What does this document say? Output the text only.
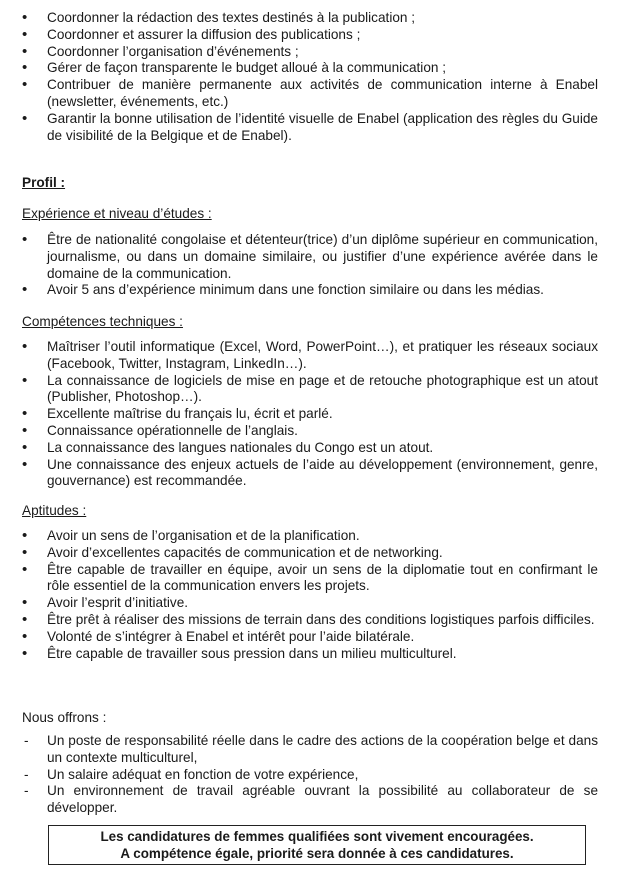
• Coordonner la rédaction des textes destinés à la publication ;
• Coordonner et assurer la diffusion des publications ;
• Coordonner l’organisation d’événements ;
• Gérer de façon transparente le budget alloué à la communication ;
• Contribuer de manière permanente aux activités de communication interne à Enabel (newsletter, événements, etc.)
• Garantir la bonne utilisation de l’identité visuelle de Enabel (application des règles du Guide de visibilité de la Belgique et de Enabel).
Profil :
Expérience et niveau d’études :
• Être de nationalité congolaise et détenteur(trice) d’un diplôme supérieur en communication, journalisme, ou dans un domaine similaire, ou justifier d’une expérience avérée dans le domaine de la communication.
• Avoir 5 ans d’expérience minimum dans une fonction similaire ou dans les médias.
Compétences techniques :
• Maîtriser l’outil informatique (Excel, Word, PowerPoint…), et pratiquer les réseaux sociaux (Facebook, Twitter, Instagram, LinkedIn…).
• La connaissance de logiciels de mise en page et de retouche photographique est un atout (Publisher, Photoshop…).
• Excellente maîtrise du français lu, écrit et parlé.
• Connaissance opérationnelle de l’anglais.
• La connaissance des langues nationales du Congo est un atout.
• Une connaissance des enjeux actuels de l’aide au développement (environnement, genre, gouvernance) est recommandée.
Aptitudes :
• Avoir un sens de l’organisation et de la planification.
• Avoir d’excellentes capacités de communication et de networking.
• Être capable de travailler en équipe, avoir un sens de la diplomatie tout en confirmant le rôle essentiel de la communication envers les projets.
• Avoir l’esprit d’initiative.
• Être prêt à réaliser des missions de terrain dans des conditions logistiques parfois difficiles.
• Volonté de s’intégrer à Enabel et intérêt pour l’aide bilatérale.
• Être capable de travailler sous pression dans un milieu multiculturel.
Nous offrons :
- Un poste de responsabilité réelle dans le cadre des actions de la coopération belge et dans un contexte multiculturel,
- Un salaire adéquat en fonction de votre expérience,
- Un environnement de travail agréable ouvrant la possibilité au collaborateur de se développer.
Les candidatures de femmes qualifiées sont vivement encouragées.
A compétence égale, priorité sera donnée à ces candidatures.
